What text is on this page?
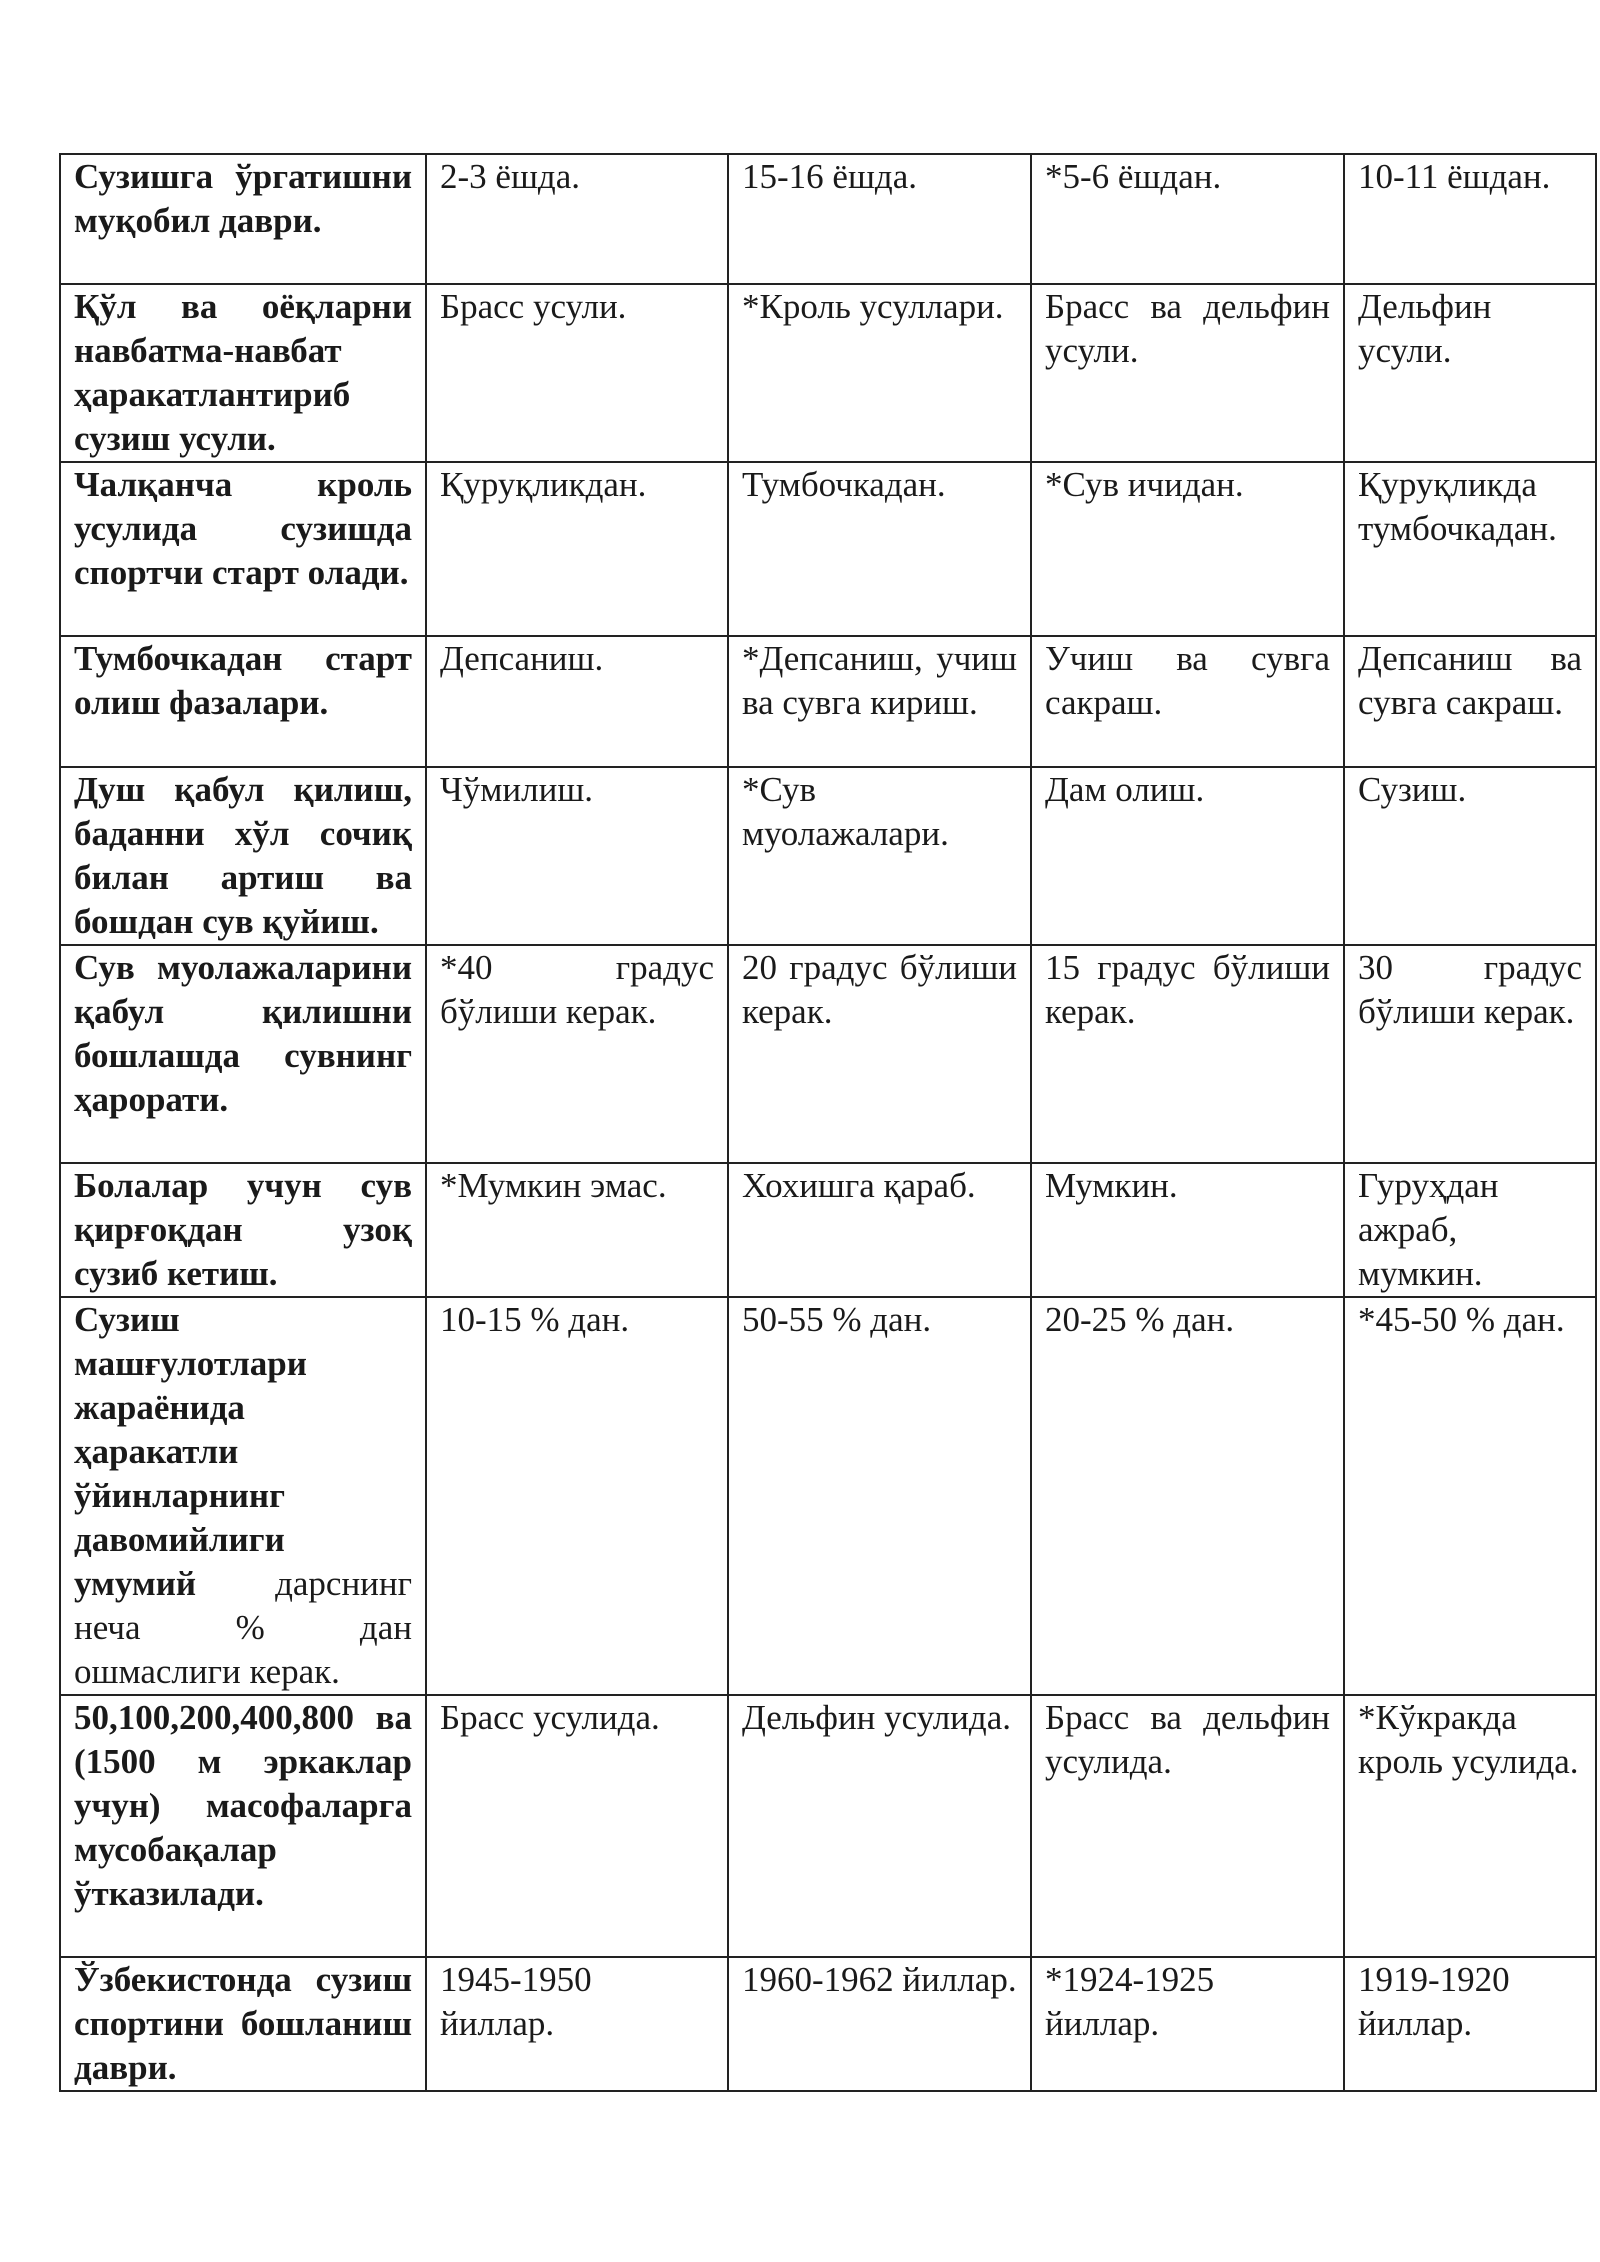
Сузишга ўргатишни муқобил даври.	2-3 ёшда.	15-16 ёшда.	*5-6 ёшдан.	10-11 ёшдан.
Қўл ва оёқларни навбатма-навбат ҳаракатлантириб сузиш усули.	Брасс усули.	*Кроль усуллари.	Брасс ва дельфин усули.	Дельфин усули.
Чалқанча кроль усулида сузишда спортчи старт олади.	Қуруқликдан.	Тумбочкадан.	*Сув ичидан.	Қуруқликда тумбочкадан.
Тумбочкадан старт олиш фазалари.	Депсаниш.	*Депсаниш, учиш ва сувга кириш.	Учиш ва сувга сакраш.	Депсаниш ва сувга сакраш.
Душ қабул қилиш, баданни хўл сочиқ билан артиш ва бошдан сув қуйиш.	Чўмилиш.	*Сув муолажалари.	Дам олиш.	Сузиш.
Сув муолажаларини қабул қилишни бошлашда сувнинг ҳарорати.	*40 градус бўлиши керак.	20 градус бўлиши керак.	15 градус бўлиши керак.	30 градус бўлиши керак.
Болалар учун сув қирғоқдан узоқ сузиб кетиш.	*Мумкин эмас.	Хохишга қараб.	Мумкин.	Гуруҳдан ажраб, мумкин.
Сузиш машғулотлари жараёнида ҳаракатли ўйинларнинг давомийлиги умумий дарснинг неча % дан ошмаслиги керак.	10-15 % дан.	50-55 % дан.	20-25 % дан.	*45-50 % дан.
50,100,200,400,800 ва (1500 м эркаклар учун) масофаларга мусобақалар ўтказилади.	Брасс усулида.	Дельфин усулида.	Брасс ва дельфин усулида.	*Кўкракда кроль усулида.
Ўзбекистонда сузиш спортини бошланиш даври.	1945-1950 йиллар.	1960-1962 йиллар.	*1924-1925 йиллар.	1919-1920 йиллар.
